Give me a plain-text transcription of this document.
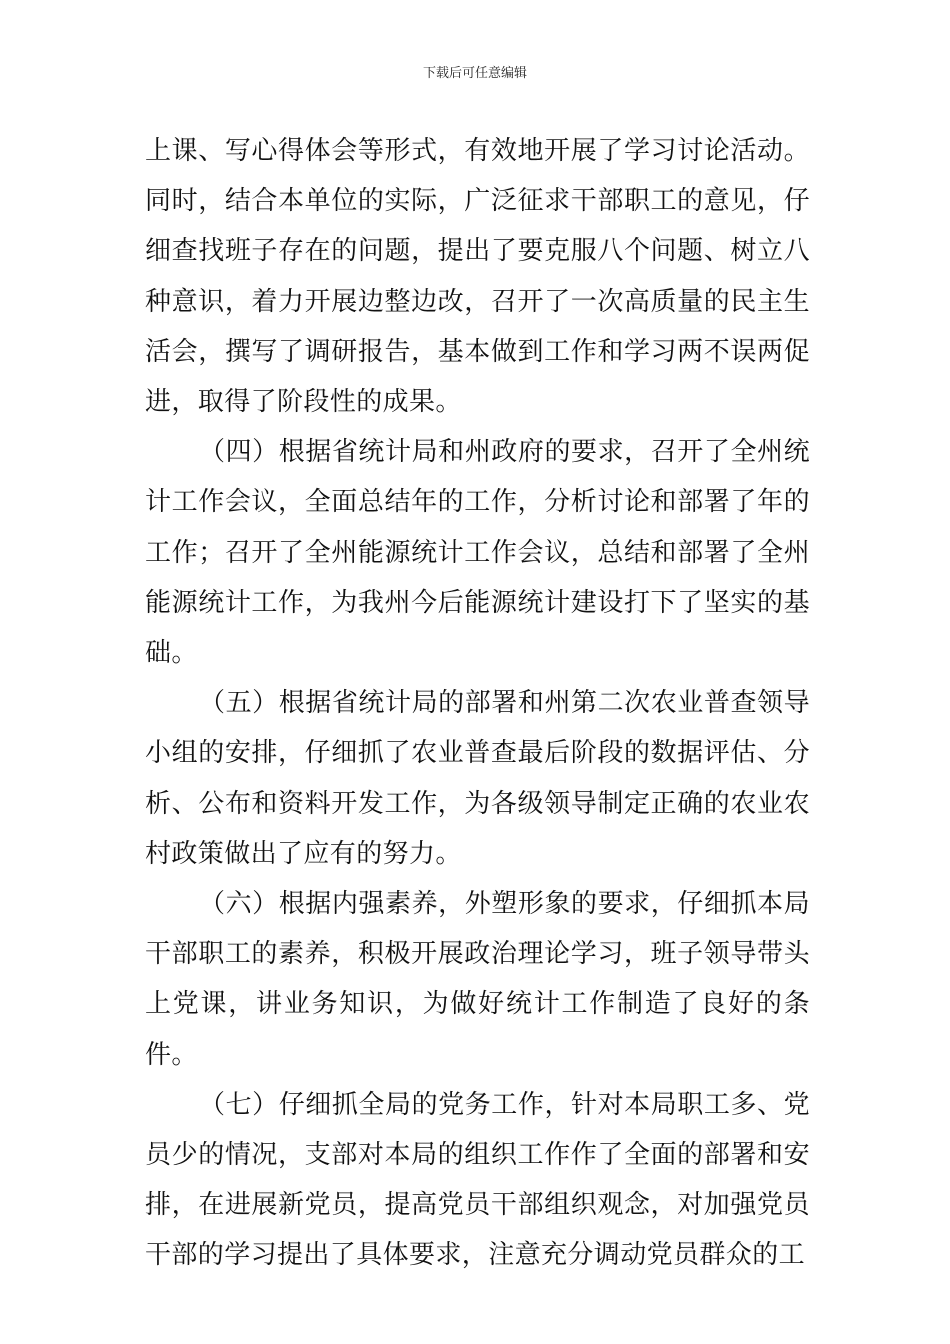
下载后可任意编辑

上课、写心得体会等形式，有效地开展了学习讨论活动。同时，结合本单位的实际，广泛征求干部职工的意见，仔细查找班子存在的问题，提出了要克服八个问题、树立八种意识，着力开展边整边改，召开了一次高质量的民主生活会，撰写了调研报告，基本做到工作和学习两不误两促进，取得了阶段性的成果。

（四）根据省统计局和州政府的要求，召开了全州统计工作会议，全面总结年的工作，分析讨论和部署了年的工作；召开了全州能源统计工作会议，总结和部署了全州能源统计工作，为我州今后能源统计建设打下了坚实的基础。

（五）根据省统计局的部署和州第二次农业普查领导小组的安排，仔细抓了农业普查最后阶段的数据评估、分析、公布和资料开发工作，为各级领导制定正确的农业农村政策做出了应有的努力。

（六）根据内强素养，外塑形象的要求，仔细抓本局干部职工的素养，积极开展政治理论学习，班子领导带头上党课，讲业务知识，为做好统计工作制造了良好的条件。

（七）仔细抓全局的党务工作，针对本局职工多、党员少的情况，支部对本局的组织工作作了全面的部署和安排，在进展新党员，提高党员干部组织观念，对加强党员干部的学习提出了具体要求，注意充分调动党员群众的工
